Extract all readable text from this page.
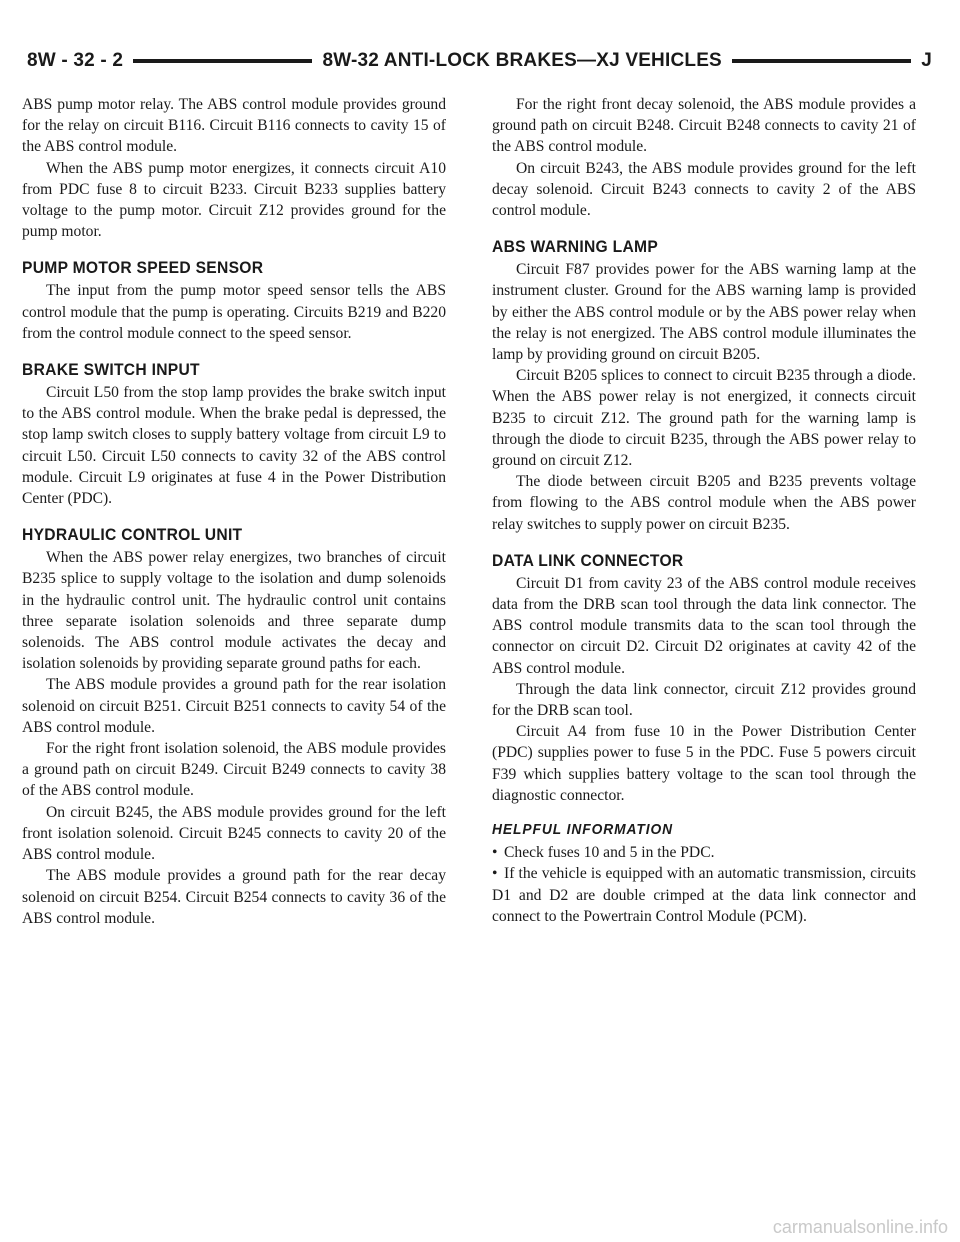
8W - 32 - 2	8W-32 ANTI-LOCK BRAKES—XJ VEHICLES	J

ABS pump motor relay. The ABS control module provides ground for the relay on circuit B116. Circuit B116 connects to cavity 15 of the ABS control module.

When the ABS pump motor energizes, it connects circuit A10 from PDC fuse 8 to circuit B233. Circuit B233 supplies battery voltage to the pump motor. Circuit Z12 provides ground for the pump motor.

PUMP MOTOR SPEED SENSOR

The input from the pump motor speed sensor tells the ABS control module that the pump is operating. Circuits B219 and B220 from the control module connect to the speed sensor.

BRAKE SWITCH INPUT

Circuit L50 from the stop lamp provides the brake switch input to the ABS control module. When the brake pedal is depressed, the stop lamp switch closes to supply battery voltage from circuit L9 to circuit L50. Circuit L50 connects to cavity 32 of the ABS control module. Circuit L9 originates at fuse 4 in the Power Distribution Center (PDC).

HYDRAULIC CONTROL UNIT

When the ABS power relay energizes, two branches of circuit B235 splice to supply voltage to the isolation and dump solenoids in the hydraulic control unit. The hydraulic control unit contains three separate isolation solenoids and three separate dump solenoids. The ABS control module activates the decay and isolation solenoids by providing separate ground paths for each.

The ABS module provides a ground path for the rear isolation solenoid on circuit B251. Circuit B251 connects to cavity 54 of the ABS control module.

For the right front isolation solenoid, the ABS module provides a ground path on circuit B249. Circuit B249 connects to cavity 38 of the ABS control module.

On circuit B245, the ABS module provides ground for the left front isolation solenoid. Circuit B245 connects to cavity 20 of the ABS control module.

The ABS module provides a ground path for the rear decay solenoid on circuit B254. Circuit B254 connects to cavity 36 of the ABS control module.

For the right front decay solenoid, the ABS module provides a ground path on circuit B248. Circuit B248 connects to cavity 21 of the ABS control module.

On circuit B243, the ABS module provides ground for the left decay solenoid. Circuit B243 connects to cavity 2 of the ABS control module.

ABS WARNING LAMP

Circuit F87 provides power for the ABS warning lamp at the instrument cluster. Ground for the ABS warning lamp is provided by either the ABS control module or by the ABS power relay when the relay is not energized. The ABS control module illuminates the lamp by providing ground on circuit B205.

Circuit B205 splices to connect to circuit B235 through a diode. When the ABS power relay is not energized, it connects circuit B235 to circuit Z12. The ground path for the warning lamp is through the diode to circuit B235, through the ABS power relay to ground on circuit Z12.

The diode between circuit B205 and B235 prevents voltage from flowing to the ABS control module when the ABS power relay switches to supply power on circuit B235.

DATA LINK CONNECTOR

Circuit D1 from cavity 23 of the ABS control module receives data from the DRB scan tool through the data link connector. The ABS control module transmits data to the scan tool through the connector on circuit D2. Circuit D2 originates at cavity 42 of the ABS control module.

Through the data link connector, circuit Z12 provides ground for the DRB scan tool.

Circuit A4 from fuse 10 in the Power Distribution Center (PDC) supplies power to fuse 5 in the PDC. Fuse 5 powers circuit F39 which supplies battery voltage to the scan tool through the diagnostic connector.

HELPFUL INFORMATION

• Check fuses 10 and 5 in the PDC.

• If the vehicle is equipped with an automatic transmission, circuits D1 and D2 are double crimped at the data link connector and connect to the Powertrain Control Module (PCM).

carmanualsonline.info
